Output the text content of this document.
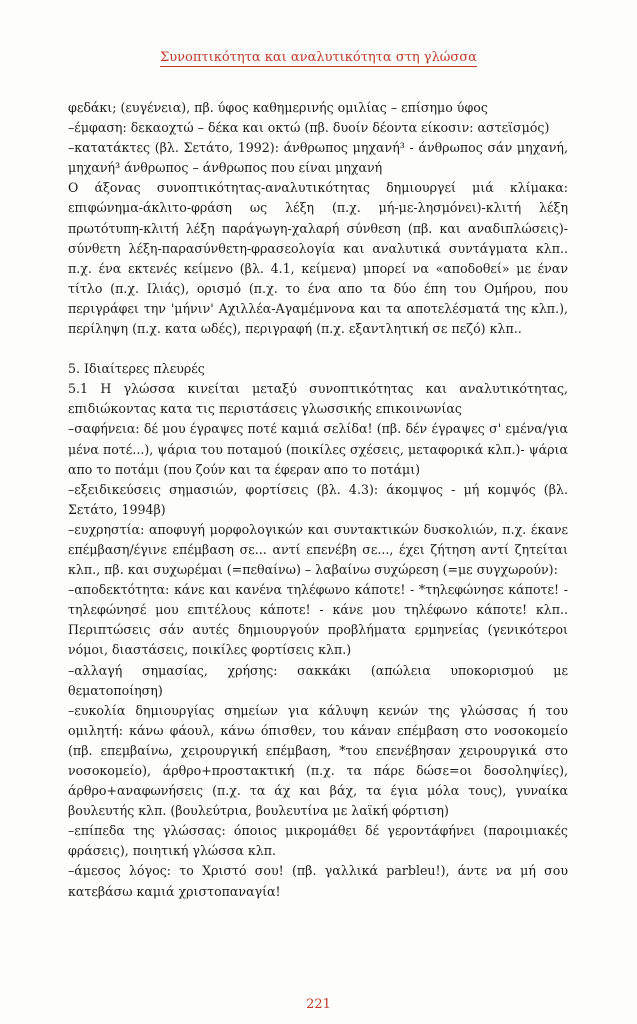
Συνοπτικότητα και αναλυτικότητα στη γλώσσα

φεδάκι; (ευγένεια), πβ. ύφος καθημερινής ομιλίας – επίσημο ύφος

–έμφαση: δεκαοχτώ – δέκα και οκτώ (πβ. δυοίν δέοντα είκοσιν: αστεϊσμός)

–κατατάκτες (βλ. Σετάτο, 1992): άνθρωπος μηχανή³ - άνθρωπος σάν μηχανή, μηχανή³ άνθρωπος – άνθρωπος που είναι μηχανή

Ο άξονας συνοπτικότητας-αναλυτικότητας δημιουργεί μιά κλίμακα: επιφώνημα-άκλιτο-φράση ως λέξη (π.χ. μή-με-λησμόνει)-κλιτή λέξη πρωτότυπη-κλιτή λέξη παράγωγη-χαλαρή σύνθεση (πβ. και αναδιπλώσεις)-σύνθετη λέξη-παρασύνθετη-φρασεολογία και αναλυτικά συντάγματα κλπ.. π.χ. ένα εκτενές κείμενο (βλ. 4.1, κείμενα) μπορεί να «αποδοθεί» με έναν τίτλο (π.χ. Ιλιάς), ορισμό (π.χ. το ένα απο τα δύο έπη του Ομήρου, που περιγράφει την 'μήνιν' Αχιλλέα-Αγαμέμνονα και τα αποτελέσματά της κλπ.), περίληψη (π.χ. κατα ωδές), περιγραφή (π.χ. εξαντλητική σε πεζό) κλπ..

5. Ιδιαίτερες πλευρές

5.1 Η γλώσσα κινείται μεταξύ συνοπτικότητας και αναλυτικότητας, επιδιώκοντας κατα τις περιστάσεις γλωσσικής επικοινωνίας

–σαφήνεια: δέ μου έγραψες ποτέ καμιά σελίδα! (πβ. δέν έγραψες σ' εμένα/για μένα ποτέ...), ψάρια του ποταμού (ποικίλες σχέσεις, μεταφορικά κλπ.)- ψάρια απο το ποτάμι (που ζούν και τα έφεραν απο το ποτάμι)

–εξειδικεύσεις σημασιών, φορτίσεις (βλ. 4.3): άκομψος - μή κομψός (βλ. Σετάτο, 1994β)

–ευχρηστία: αποφυγή μορφολογικών και συντακτικών δυσκολιών, π.χ. έκανε επέμβαση/έγινε επέμβαση σε... αντί επενέβη σε..., έχει ζήτηση αντί ζητείται κλπ., πβ. και συχωρέμαι (=πεθαίνω) – λαβαίνω συχώρεση (=με συγχωρούν):

–αποδεκτότητα: κάνε και κανένα τηλέφωνο κάποτε! - *τηλεφώνησε κάποτε! - τηλεφώνησέ μου επιτέλους κάποτε! - κάνε μου τηλέφωνο κάποτε! κλπ.. Περιπτώσεις σάν αυτές δημιουργούν προβλήματα ερμηνείας (γενικότεροι νόμοι, διαστάσεις, ποικίλες φορτίσεις κλπ.)

–αλλαγή σημασίας, χρήσης: σακκάκι (απώλεια υποκορισμού με θεματοποίηση)

–ευκολία δημιουργίας σημείων για κάλυψη κενών της γλώσσας ή του ομιλητή: κάνω φάουλ, κάνω όπισθεν, του κάναν επέμβαση στο νοσοκομείο (πβ. επεμβαίνω, χειρουργική επέμβαση, *του επενέβησαν χειρουργικά στο νοσοκομείο), άρθρο+προστακτική (π.χ. τα πάρε δώσε=οι δοσοληψίες), άρθρο+αναφωνήσεις (π.χ. τα άχ και βάχ, τα έγια μόλα τους), γυναίκα βουλευτής κλπ. (βουλεύτρια, βουλευτίνα με λαϊκή φόρτιση)

–επίπεδα της γλώσσας: όποιος μικρομάθει δέ γεροντάφήνει (παροιμιακές φράσεις), ποιητική γλώσσα κλπ.

–άμεσος λόγος: το Χριστό σου! (πβ. γαλλικά parbleu!), άντε να μή σου κατεβάσω καμιά χριστοπαναγία!

221
